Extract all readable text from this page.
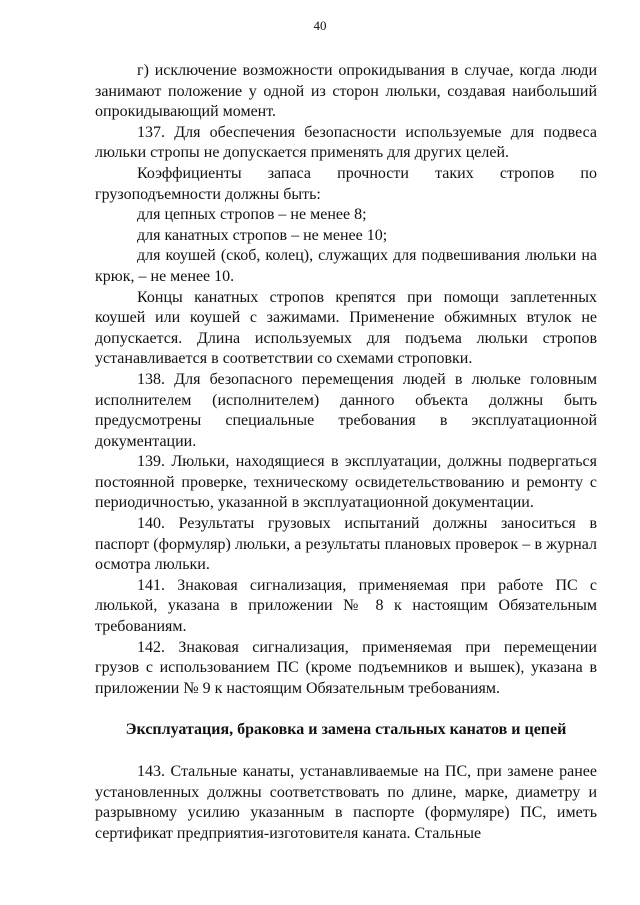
40

г) исключение возможности опрокидывания в случае, когда люди занимают положение у одной из сторон люльки, создавая наибольший опрокидывающий момент.

137. Для обеспечения безопасности используемые для подвеса люльки стропы не допускается применять для других целей.

Коэффициенты запаса прочности таких стропов по грузоподъемности должны быть:

для цепных стропов – не менее 8;

для канатных стропов – не менее 10;

для коушей (скоб, колец), служащих для подвешивания люльки на крюк, – не менее 10.

Концы канатных стропов крепятся при помощи заплетенных коушей или коушей с зажимами. Применение обжимных втулок не допускается. Длина используемых для подъема люльки стропов устанавливается в соответствии со схемами строповки.

138. Для безопасного перемещения людей в люльке головным исполнителем (исполнителем) данного объекта должны быть предусмотрены специальные требования в эксплуатационной документации.

139. Люльки, находящиеся в эксплуатации, должны подвергаться постоянной проверке, техническому освидетельствованию и ремонту с периодичностью, указанной в эксплуатационной документации.

140. Результаты грузовых испытаний должны заноситься в паспорт (формуляр) люльки, а результаты плановых проверок – в журнал осмотра люльки.

141. Знаковая сигнализация, применяемая при работе ПС с люлькой, указана в приложении № 8 к настоящим Обязательным требованиям.

142. Знаковая сигнализация, применяемая при перемещении грузов с использованием ПС (кроме подъемников и вышек), указана в приложении № 9 к настоящим Обязательным требованиям.

Эксплуатация, браковка и замена стальных канатов и цепей

143. Стальные канаты, устанавливаемые на ПС, при замене ранее установленных должны соответствовать по длине, марке, диаметру и разрывному усилию указанным в паспорте (формуляре) ПС, иметь сертификат предприятия-изготовителя каната. Стальные
